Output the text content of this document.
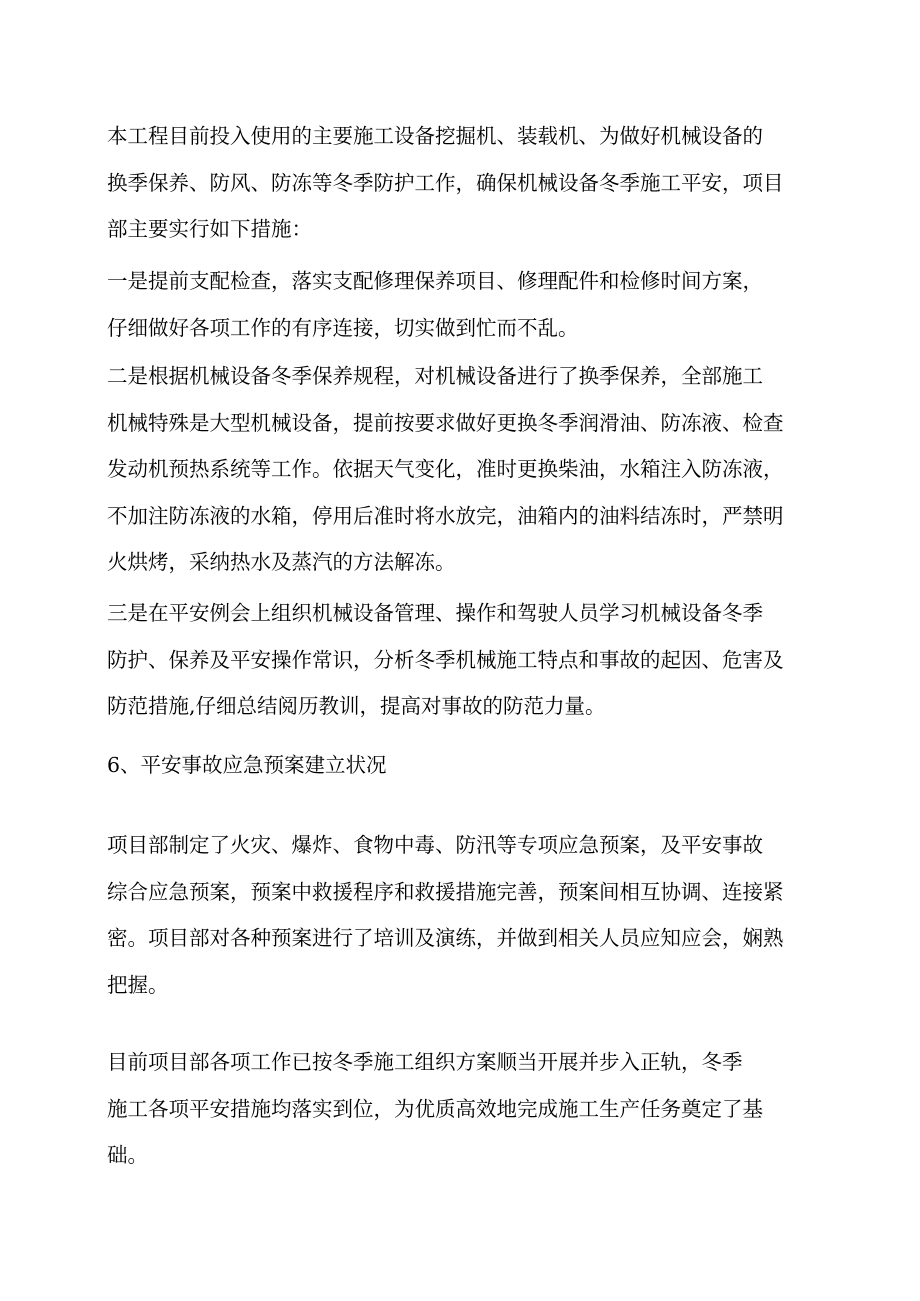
本工程目前投入使用的主要施工设备挖掘机、装载机、为做好机械设备的
换季保养、防风、防冻等冬季防护工作，确保机械设备冬季施工平安，项目
部主要实行如下措施：
一是提前支配检查，落实支配修理保养项目、修理配件和检修时间方案，
仔细做好各项工作的有序连接，切实做到忙而不乱。
二是根据机械设备冬季保养规程，对机械设备进行了换季保养，全部施工
机械特殊是大型机械设备，提前按要求做好更换冬季润滑油、防冻液、检查
发动机预热系统等工作。依据天气变化，准时更换柴油，水箱注入防冻液，
不加注防冻液的水箱，停用后准时将水放完，油箱内的油料结冻时，严禁明
火烘烤，采纳热水及蒸汽的方法解冻。
三是在平安例会上组织机械设备管理、操作和驾驶人员学习机械设备冬季
防护、保养及平安操作常识，分析冬季机械施工特点和事故的起因、危害及
防范措施,仔细总结阅历教训，提高对事故的防范力量。
6、平安事故应急预案建立状况
项目部制定了火灾、爆炸、食物中毒、防汛等专项应急预案，及平安事故
综合应急预案，预案中救援程序和救援措施完善，预案间相互协调、连接紧
密。项目部对各种预案进行了培训及演练，并做到相关人员应知应会，娴熟
把握。
目前项目部各项工作已按冬季施工组织方案顺当开展并步入正轨，冬季
施工各项平安措施均落实到位，为优质高效地完成施工生产任务奠定了基
础。
